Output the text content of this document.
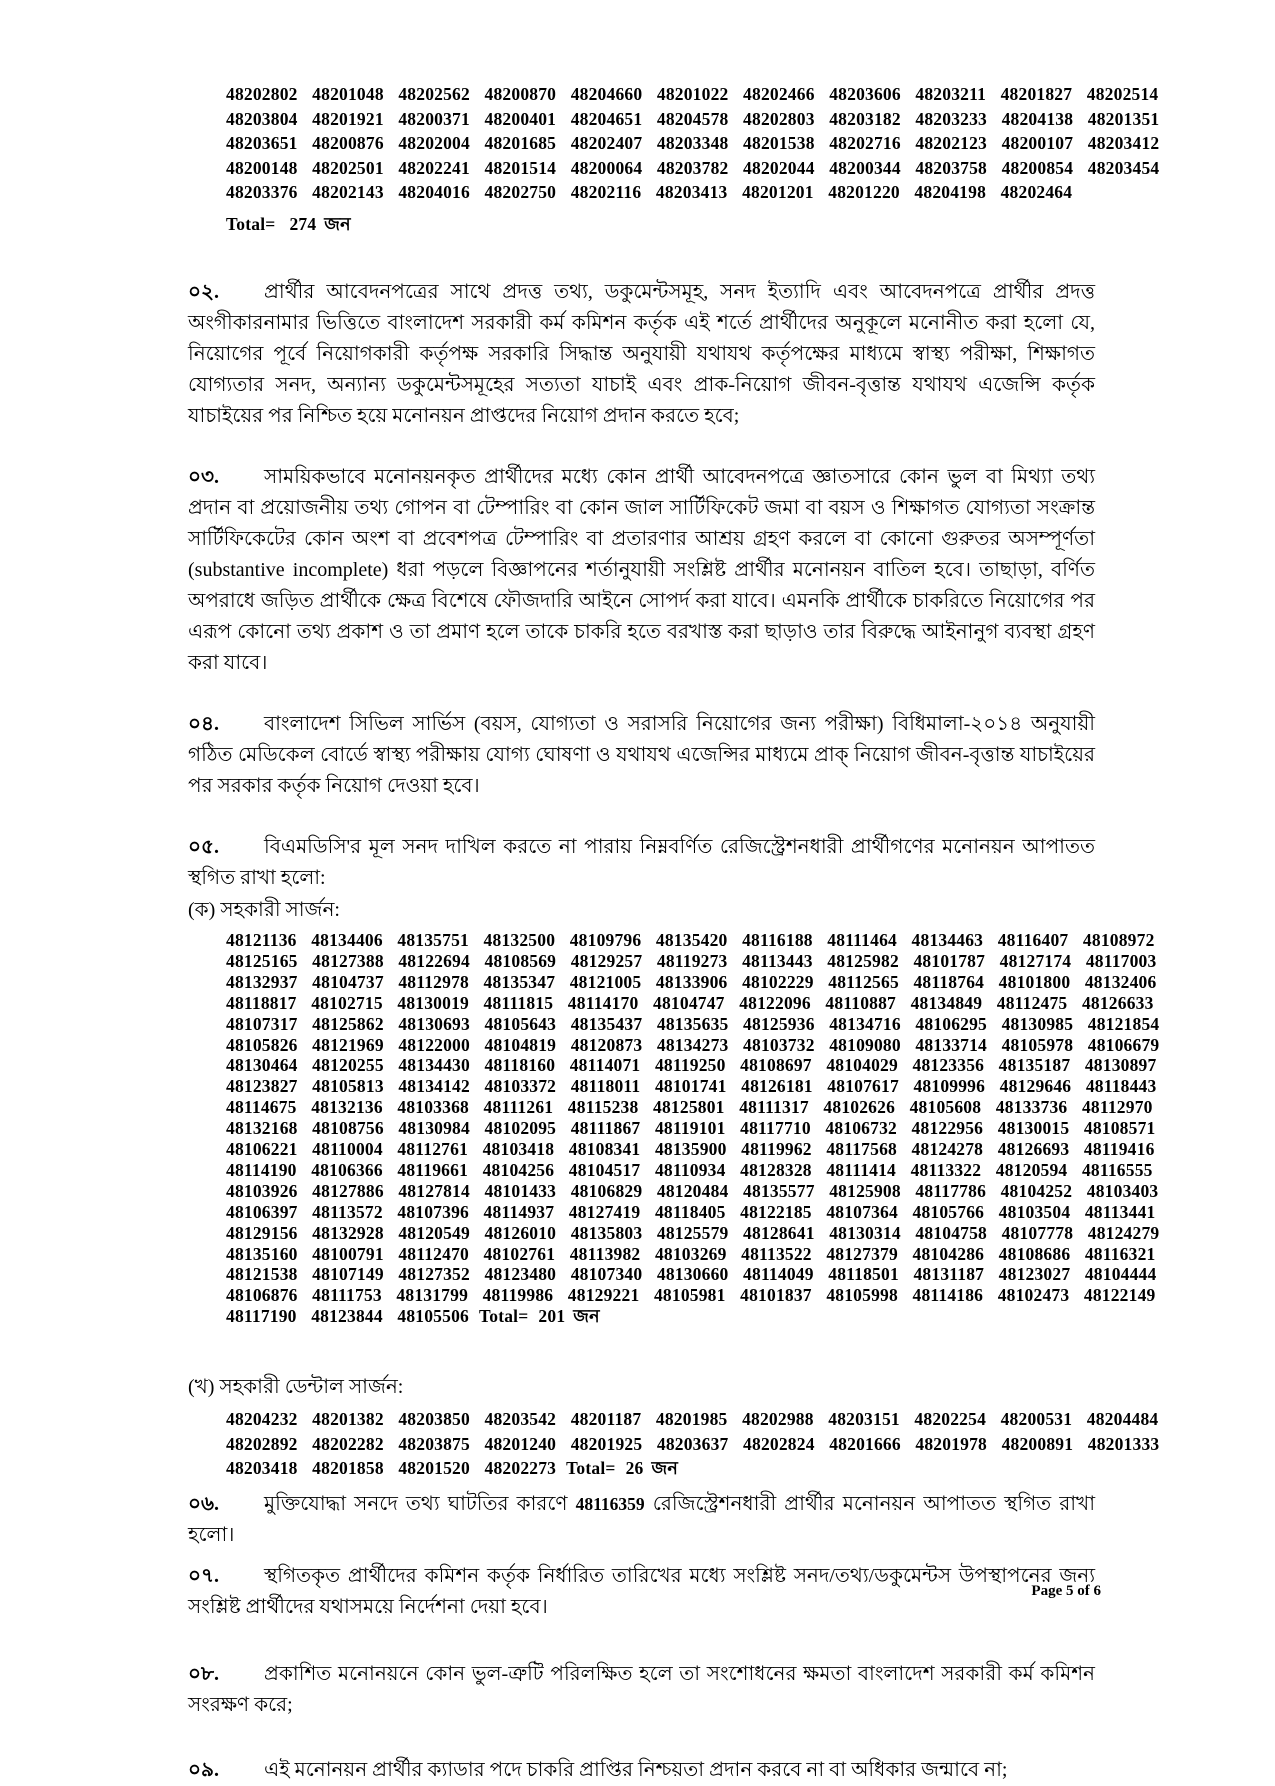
48202802 48201048 48202562 48200870 48204660 48201022 48202466 48203606 48203211 48201827 48202514
48203804 48201921 48200371 48200401 48204651 48204578 48202803 48203182 48203233 48204138 48201351
48203651 48200876 48202004 48201685 48202407 48203348 48201538 48202716 48202123 48200107 48203412
48200148 48202501 48202241 48201514 48200064 48203782 48202044 48200344 48203758 48200854 48203454
48203376 48202143 48204016 48202750 48202116 48203413 48201201 48201220 48204198 48202464
Total= 274 জন

০২. প্রার্থীর আবেদনপত্রের সাথে প্রদত্ত তথ্য, ডকুমেন্টসমূহ, সনদ ইত্যাদি এবং আবেদনপত্রে প্রার্থীর প্রদত্ত অংগীকারনামার ভিত্তিতে বাংলাদেশ সরকারী কর্ম কমিশন কর্তৃক এই শর্তে প্রার্থীদের অনুকূলে মনোনীত করা হলো যে, নিয়োগের পূর্বে নিয়োগকারী কর্তৃপক্ষ সরকারি সিদ্ধান্ত অনুযায়ী যথাযথ কর্তৃপক্ষের মাধ্যমে স্বাস্থ্য পরীক্ষা, শিক্ষাগত যোগ্যতার সনদ, অন্যান্য ডকুমেন্টসমূহের সত্যতা যাচাই এবং প্রাক-নিয়োগ জীবন-বৃত্তান্ত যথাযথ এজেন্সি কর্তৃক যাচাইয়ের পর নিশ্চিত হয়ে মনোনয়ন প্রাপ্তদের নিয়োগ প্রদান করতে হবে;

০৩. সাময়িকভাবে মনোনয়নকৃত প্রার্থীদের মধ্যে কোন প্রার্থী আবেদনপত্রে জ্ঞাতসারে কোন ভুল বা মিথ্যা তথ্য প্রদান বা প্রয়োজনীয় তথ্য গোপন বা টেম্পারিং বা কোন জাল সার্টিফিকেট জমা বা বয়স ও শিক্ষাগত যোগ্যতা সংক্রান্ত সার্টিফিকেটের কোন অংশ বা প্রবেশপত্র টেম্পারিং বা প্রতারণার আশ্রয় গ্রহণ করলে বা কোনো গুরুতর অসম্পূর্ণতা (substantive incomplete) ধরা পড়লে বিজ্ঞাপনের শর্তানুযায়ী সংশ্লিষ্ট প্রার্থীর মনোনয়ন বাতিল হবে। তাছাড়া, বর্ণিত অপরাধে জড়িত প্রার্থীকে ক্ষেত্র বিশেষে ফৌজদারি আইনে সোপর্দ করা যাবে। এমনকি প্রার্থীকে চাকরিতে নিয়োগের পর এরূপ কোনো তথ্য প্রকাশ ও তা প্রমাণ হলে তাকে চাকরি হতে বরখাস্ত করা ছাড়াও তার বিরুদ্ধে আইনানুগ ব্যবস্থা গ্রহণ করা যাবে।

০৪. বাংলাদেশ সিভিল সার্ভিস (বয়স, যোগ্যতা ও সরাসরি নিয়োগের জন্য পরীক্ষা) বিধিমালা-২০১৪ অনুযায়ী গঠিত মেডিকেল বোর্ডে স্বাস্থ্য পরীক্ষায় যোগ্য ঘোষণা ও যথাযথ এজেন্সির মাধ্যমে প্রাক্‌ নিয়োগ জীবন-বৃত্তান্ত যাচাইয়ের পর সরকার কর্তৃক নিয়োগ দেওয়া হবে।

০৫. বিএমডিসি'র মূল সনদ দাখিল করতে না পারায় নিম্নবর্ণিত রেজিস্ট্রেশনধারী প্রার্থীগণের মনোনয়ন আপাতত স্থগিত রাখা হলো:

(ক) সহকারী সার্জন:
48121136 48134406 48135751 48132500 48109796 48135420 48116188 48111464 48134463 48116407 48108972
48125165 48127388 48122694 48108569 48129257 48119273 48113443 48125982 48101787 48127174 48117003
48132937 48104737 48112978 48135347 48121005 48133906 48102229 48112565 48118764 48101800 48132406
48118817 48102715 48130019 48111815 48114170 48104747 48122096 48110887 48134849 48112475 48126633
48107317 48125862 48130693 48105643 48135437 48135635 48125936 48134716 48106295 48130985 48121854
48105826 48121969 48122000 48104819 48120873 48134273 48103732 48109080 48133714 48105978 48106679
48130464 48120255 48134430 48118160 48114071 48119250 48108697 48104029 48123356 48135187 48130897
48123827 48105813 48134142 48103372 48118011 48101741 48126181 48107617 48109996 48129646 48118443
48114675 48132136 48103368 48111261 48115238 48125801 48111317 48102626 48105608 48133736 48112970
48132168 48108756 48130984 48102095 48111867 48119101 48117710 48106732 48122956 48130015 48108571
48106221 48110004 48112761 48103418 48108341 48135900 48119962 48117568 48124278 48126693 48119416
48114190 48106366 48119661 48104256 48104517 48110934 48128328 48111414 48113322 48120594 48116555
48103926 48127886 48127814 48101433 48106829 48120484 48135577 48125908 48117786 48104252 48103403
48106397 48113572 48107396 48114937 48127419 48118405 48122185 48107364 48105766 48103504 48113441
48129156 48132928 48120549 48126010 48135803 48125579 48128641 48130314 48104758 48107778 48124279
48135160 48100791 48112470 48102761 48113982 48103269 48113522 48127379 48104286 48108686 48116321
48121538 48107149 48127352 48123480 48107340 48130660 48114049 48118501 48131187 48123027 48104444
48106876 48111753 48131799 48119986 48129221 48105981 48101837 48105998 48114186 48102473 48122149
48117190 48123844 48105506 Total= 201 জন
(খ) সহকারী ডেন্টাল সার্জন:
48204232 48201382 48203850 48203542 48201187 48201985 48202988 48203151 48202254 48200531 48204484
48202892 48202282 48203875 48201240 48201925 48203637 48202824 48201666 48201978 48200891 48201333
48203418 48201858 48201520 48202273 Total= 26 জন

০৬. মুক্তিযোদ্ধা সনদে তথ্য ঘাটতির কারণে 48116359 রেজিস্ট্রেশনধারী প্রার্থীর মনোনয়ন আপাতত স্থগিত রাখা হলো।

০৭. স্থগিতকৃত প্রার্থীদের কমিশন কর্তৃক নির্ধারিত তারিখের মধ্যে সংশ্লিষ্ট সনদ/তথ্য/ডকুমেন্টস উপস্থাপনের জন্য সংশ্লিষ্ট প্রার্থীদের যথাসময়ে নির্দেশনা দেয়া হবে।

০৮. প্রকাশিত মনোনয়নে কোন ভুল-ত্রুটি পরিলক্ষিত হলে তা সংশোধনের ক্ষমতা বাংলাদেশ সরকারী কর্ম কমিশন সংরক্ষণ করে;

০৯. এই মনোনয়ন প্রার্থীর ক্যাডার পদে চাকরি প্রাপ্তির নিশ্চয়তা প্রদান করবে না বা অধিকার জন্মাবে না;

Page 5 of 6
